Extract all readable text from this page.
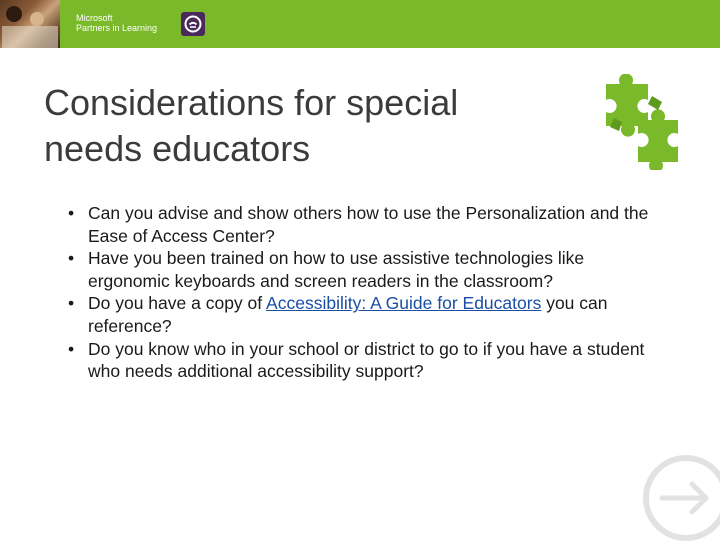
Microsoft
Partners in Learning
Considerations for special
needs educators
• Can you advise and show others how to use the Personalization and the Ease of Access Center?
• Have you been trained on how to use assistive technologies like ergonomic keyboards and screen readers in the classroom?
• Do you have a copy of Accessibility: A Guide for Educators you can reference?
• Do you know who in your school or district to go to if you have a student who needs additional accessibility support?
